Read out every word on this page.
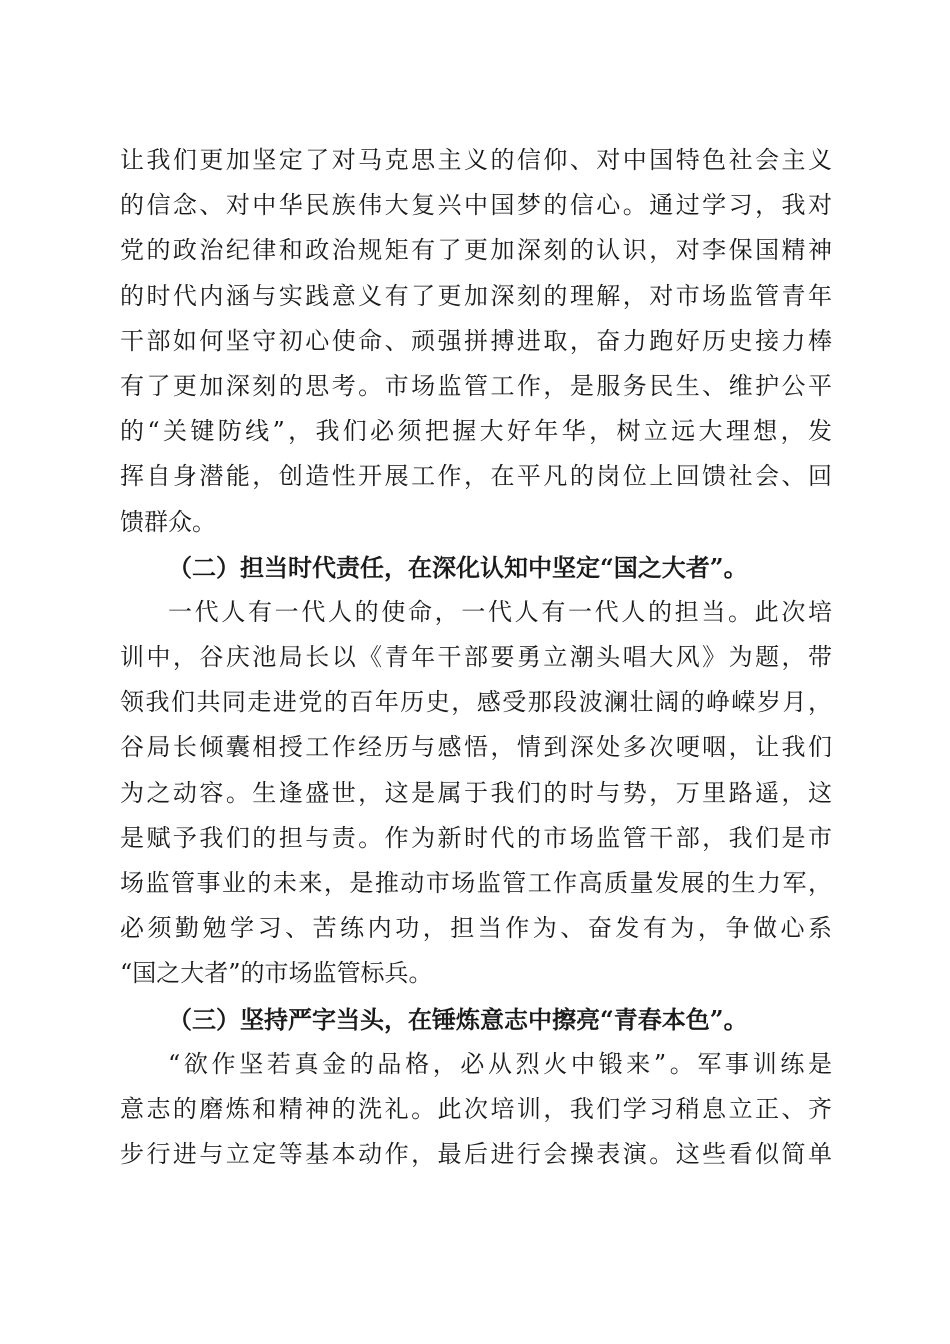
让我们更加坚定了对马克思主义的信仰、对中国特色社会主义
的信念、对中华民族伟大复兴中国梦的信心。通过学习，我对
党的政治纪律和政治规矩有了更加深刻的认识，对李保国精神
的时代内涵与实践意义有了更加深刻的理解，对市场监管青年
干部如何坚守初心使命、顽强拼搏进取，奋力跑好历史接力棒
有了更加深刻的思考。市场监管工作，是服务民生、维护公平
的“关键防线”，我们必须把握大好年华，树立远大理想，发
挥自身潜能，创造性开展工作，在平凡的岗位上回馈社会、回
馈群众。
（二）担当时代责任，在深化认知中坚定“国之大者”。
一代人有一代人的使命，一代人有一代人的担当。此次培
训中，谷庆池局长以《青年干部要勇立潮头唱大风》为题，带
领我们共同走进党的百年历史，感受那段波澜壮阔的峥嵘岁月，
谷局长倾囊相授工作经历与感悟，情到深处多次哽咽，让我们
为之动容。生逢盛世，这是属于我们的时与势，万里路遥，这
是赋予我们的担与责。作为新时代的市场监管干部，我们是市
场监管事业的未来，是推动市场监管工作高质量发展的生力军，
必须勤勉学习、苦练内功，担当作为、奋发有为，争做心系
“国之大者”的市场监管标兵。
（三）坚持严字当头，在锤炼意志中擦亮“青春本色”。
“欲作坚若真金的品格，必从烈火中锻来”。军事训练是
意志的磨炼和精神的洗礼。此次培训，我们学习稍息立正、齐
步行进与立定等基本动作，最后进行会操表演。这些看似简单
